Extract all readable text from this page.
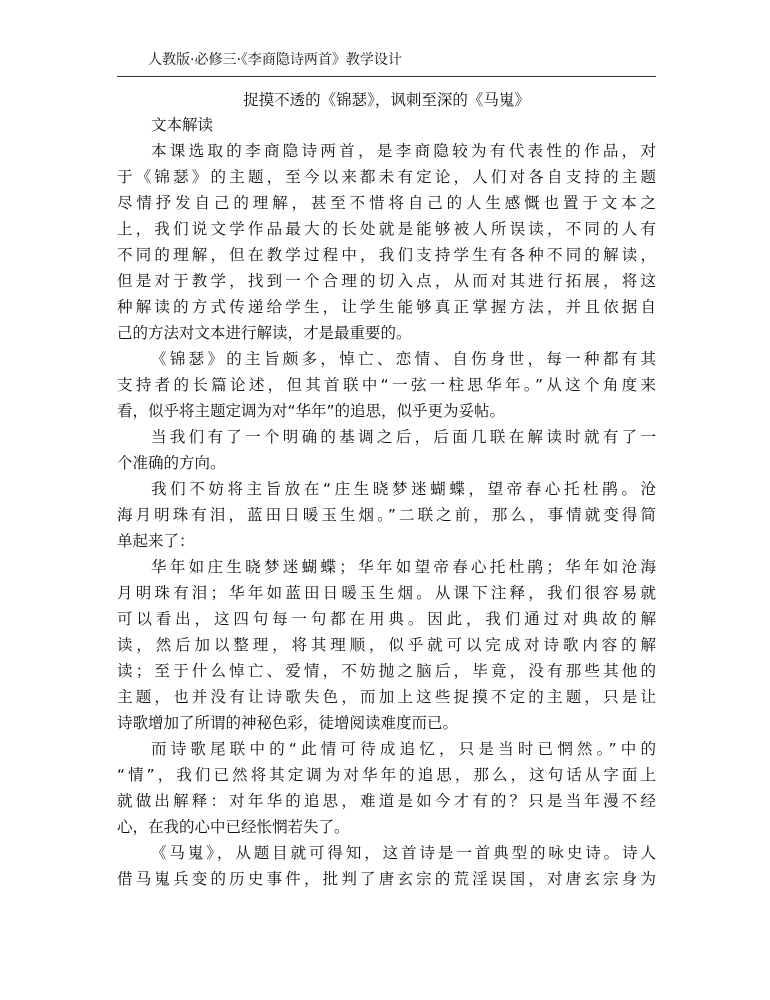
人教版·必修三·《李商隐诗两首》教学设计
捉摸不透的《锦瑟》，讽刺至深的《马嵬》
文本解读
本课选取的李商隐诗两首，是李商隐较为有代表性的作品，对
于《锦瑟》的主题，至今以来都未有定论，人们对各自支持的主题
尽情抒发自己的理解，甚至不惜将自己的人生感慨也置于文本之
上，我们说文学作品最大的长处就是能够被人所误读，不同的人有
不同的理解，但在教学过程中，我们支持学生有各种不同的解读，
但是对于教学，找到一个合理的切入点，从而对其进行拓展，将这
种解读的方式传递给学生，让学生能够真正掌握方法，并且依据自
己的方法对文本进行解读，才是最重要的。
《锦瑟》的主旨颇多，悼亡、恋情、自伤身世，每一种都有其
支持者的长篇论述，但其首联中“一弦一柱思华年。”从这个角度来
看，似乎将主题定调为对“华年”的追思，似乎更为妥帖。
当我们有了一个明确的基调之后，后面几联在解读时就有了一
个准确的方向。
我们不妨将主旨放在“庄生晓梦迷蝴蝶，望帝春心托杜鹃。沧
海月明珠有泪，蓝田日暖玉生烟。”二联之前，那么，事情就变得简
单起来了：
华年如庄生晓梦迷蝴蝶；华年如望帝春心托杜鹃；华年如沧海
月明珠有泪；华年如蓝田日暖玉生烟。从课下注释，我们很容易就
可以看出，这四句每一句都在用典。因此，我们通过对典故的解
读，然后加以整理，将其理顺，似乎就可以完成对诗歌内容的解
读；至于什么悼亡、爱情，不妨抛之脑后，毕竟，没有那些其他的
主题，也并没有让诗歌失色，而加上这些捉摸不定的主题，只是让
诗歌增加了所谓的神秘色彩，徒增阅读难度而已。
而诗歌尾联中的“此情可待成追忆，只是当时已惘然。”中的
“情”，我们已然将其定调为对华年的追思，那么，这句话从字面上
就做出解释：对年华的追思，难道是如今才有的？只是当年漫不经
心，在我的心中已经怅惘若失了。
《马嵬》，从题目就可得知，这首诗是一首典型的咏史诗。诗人
借马嵬兵变的历史事件，批判了唐玄宗的荒淫误国，对唐玄宗身为
